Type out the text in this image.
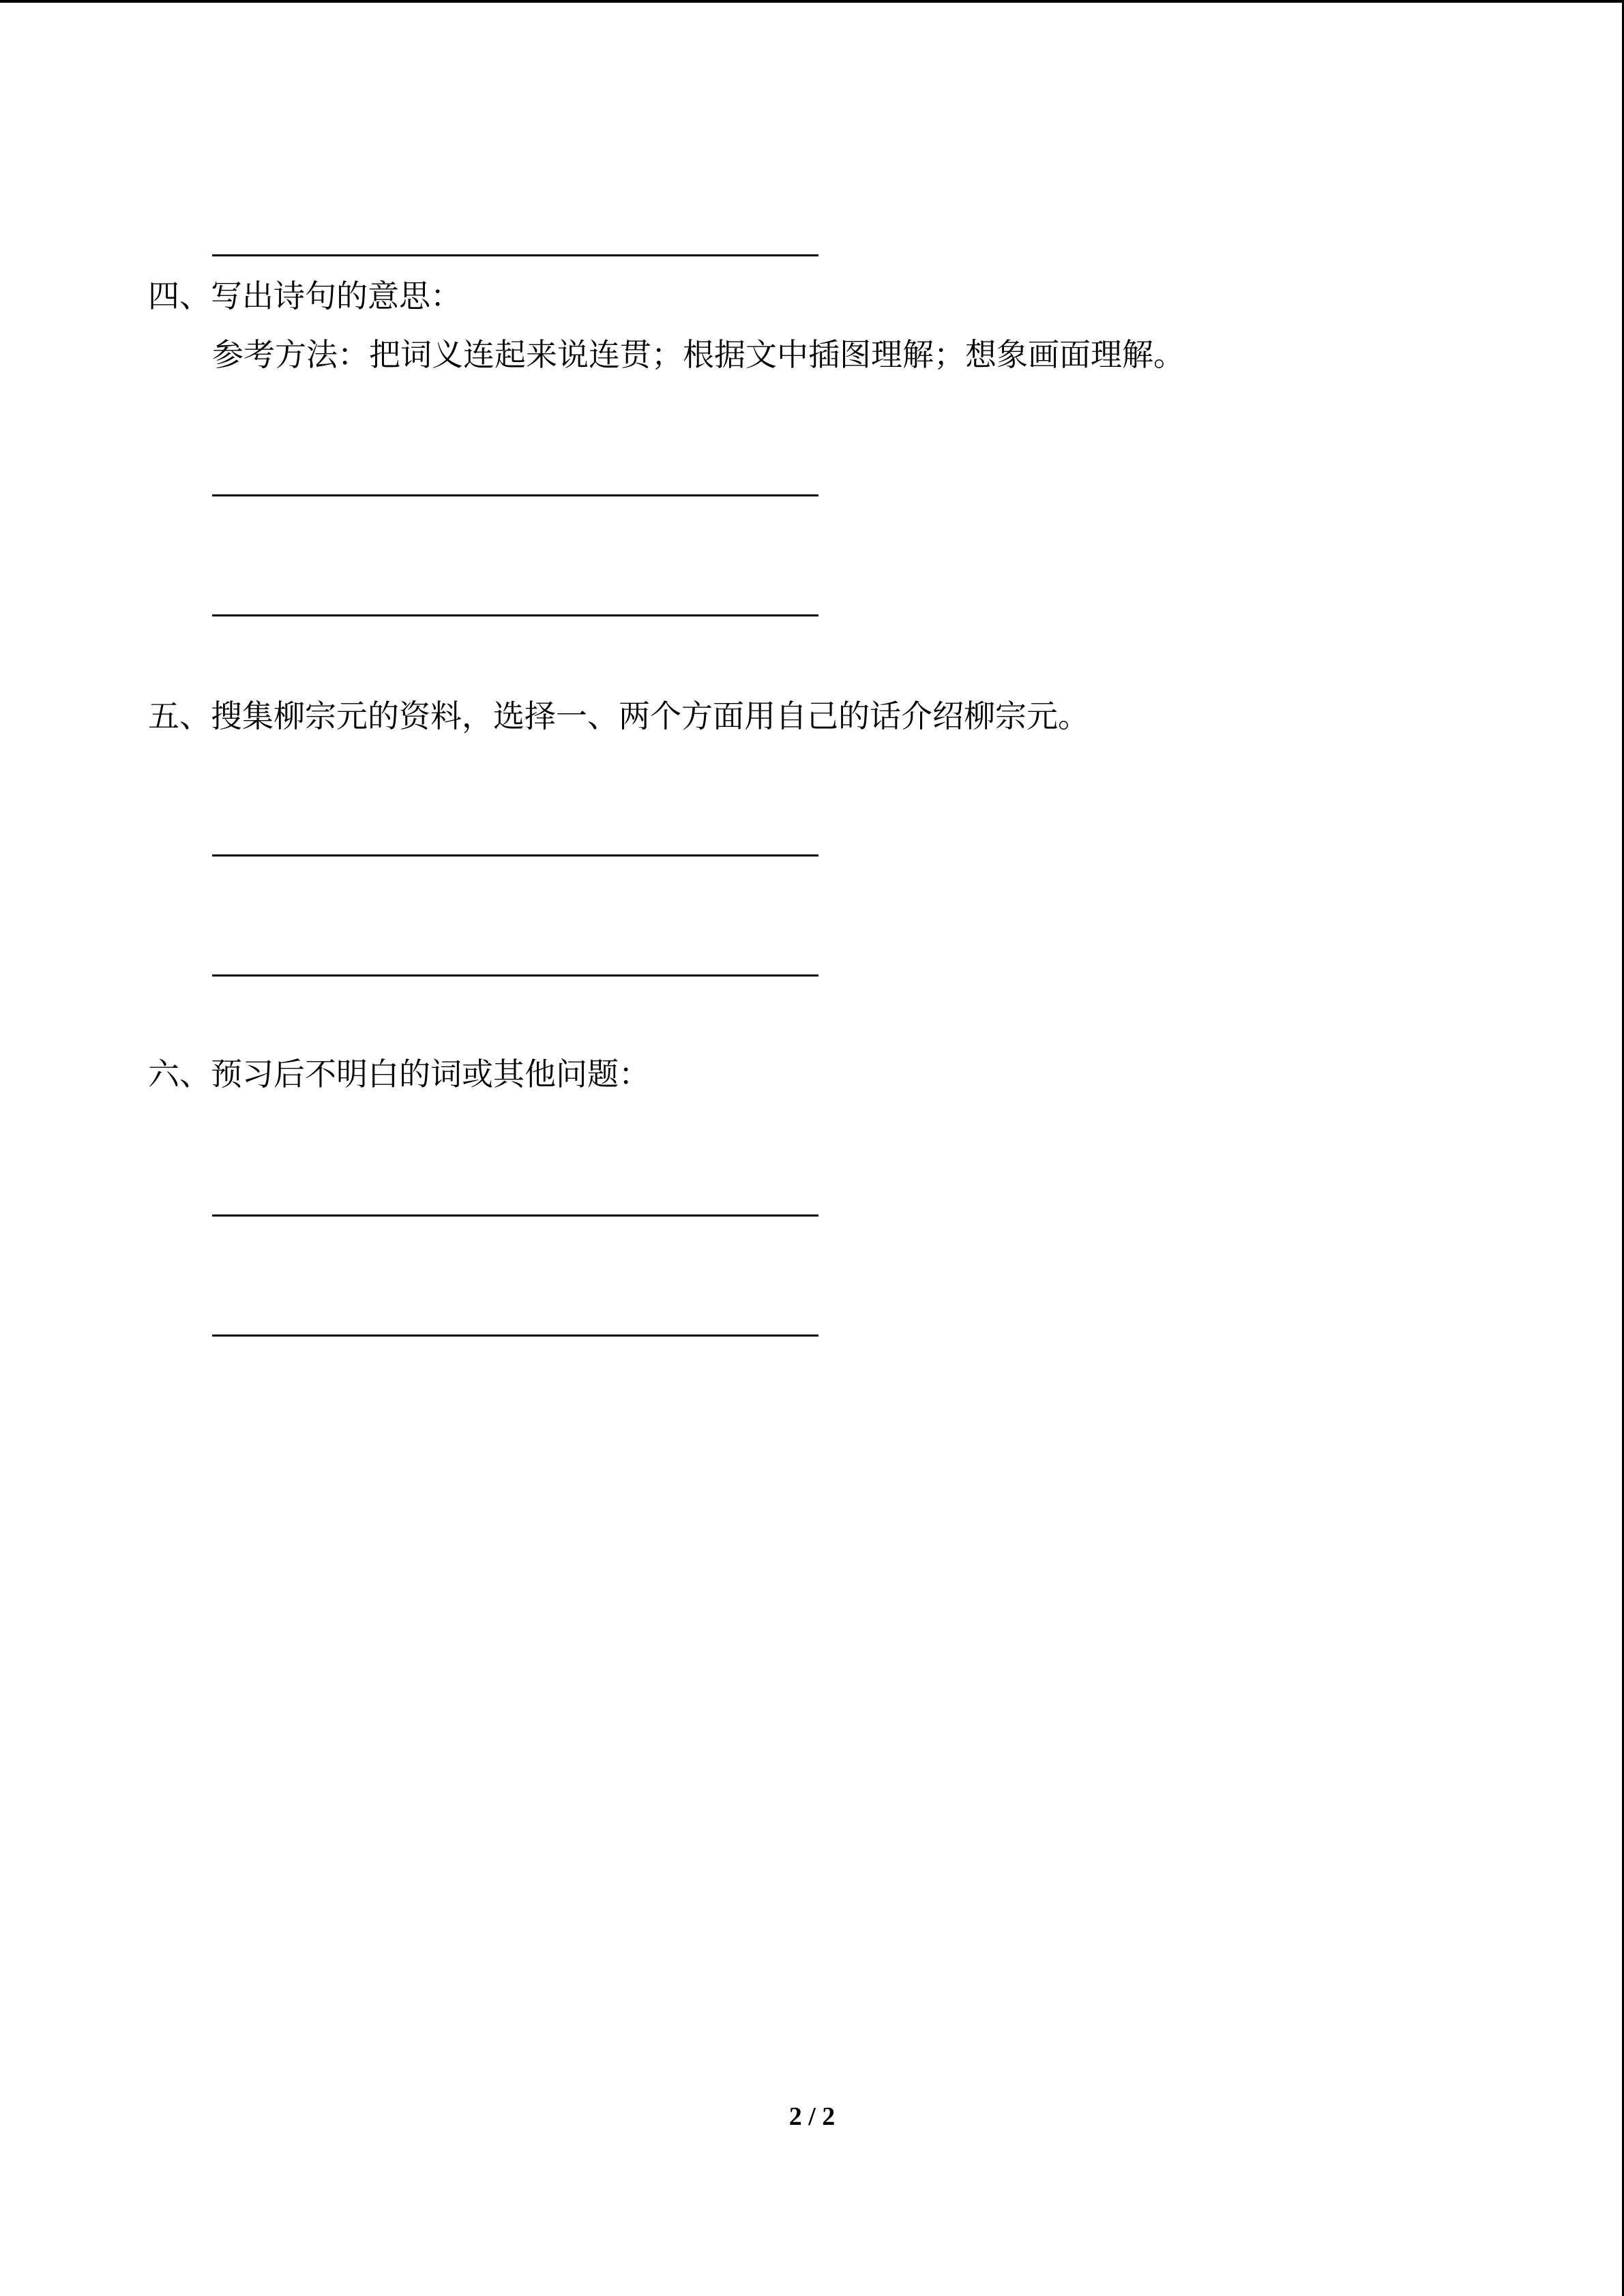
四、写出诗句的意思：
参考方法：把词义连起来说连贯；根据文中插图理解；想象画面理解。
五、搜集柳宗元的资料，选择一、两个方面用自己的话介绍柳宗元。
六、预习后不明白的词或其他问题：
2 / 2
